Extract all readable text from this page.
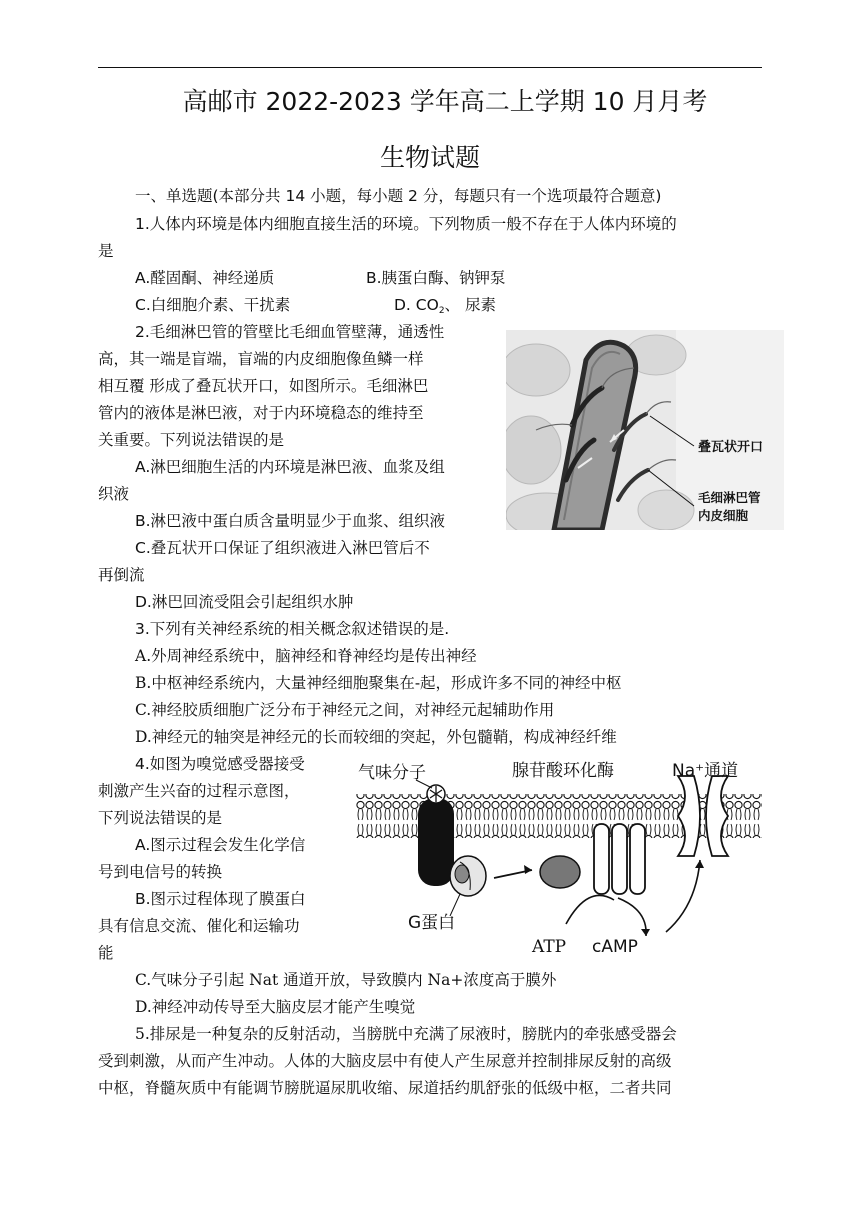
高邮市 2022-2023 学年高二上学期 10 月月考
生物试题
一、单选题(本部分共 14 小题，每小题 2 分，每题只有一个选项最符合题意)
1.人体内环境是体内细胞直接生活的环境。下列物质一般不存在于人体内环境的
是
A.醛固酮、神经递质	B.胰蛋白酶、钠钾泵
C.白细胞介素、干扰素	D. $CO_2$、 尿素
2.毛细淋巴管的管壁比毛细血管壁薄，通透性
高，其一端是盲端，盲端的内皮细胞像鱼鳞一样
相互覆 形成了叠瓦状开口，如图所示。毛细淋巴
管内的液体是淋巴液，对于内环境稳态的维持至
关重要。下列说法错误的是
A.淋巴细胞生活的内环境是淋巴液、血浆及组
织液
B.淋巴液中蛋白质含量明显少于血浆、组织液
C.叠瓦状开口保证了组织液进入淋巴管后不
再倒流
D.淋巴回流受阻会引起组织水肿
叠瓦状开口
毛细淋巴管
内皮细胞
3.下列有关神经系统的相关概念叙述错误的是.
A.外周神经系统中，脑神经和脊神经均是传出神经
B.中枢神经系统内，大量神经细胞聚集在-起，形成许多不同的神经中枢
C.神经胶质细胞广泛分布于神经元之间，对神经元起辅助作用
D.神经元的轴突是神经元的长而较细的突起，外包髓鞘，构成神经纤维
4.如图为嗅觉感受器接受
刺激产生兴奋的过程示意图，
下列说法错误的是
A.图示过程会发生化学信
号到电信号的转换
B.图示过程体现了膜蛋白
具有信息交流、催化和运输功
能
C.气味分子引起 Nat 通道开放，导致膜内 Na+浓度高于膜外
D.神经冲动传导至大脑皮层才能产生嗅觉
气味分子	腺苷酸环化酶	Na⁺通道
G蛋白
ATP cAMP
5.排尿是一种复杂的反射活动，当膀胱中充满了尿液时，膀胱内的牵张感受器会
受到刺激，从而产生冲动。人体的大脑皮层中有使人产生尿意并控制排尿反射的高级
中枢，脊髓灰质中有能调节膀胱逼尿肌收缩、尿道括约肌舒张的低级中枢，二者共同
